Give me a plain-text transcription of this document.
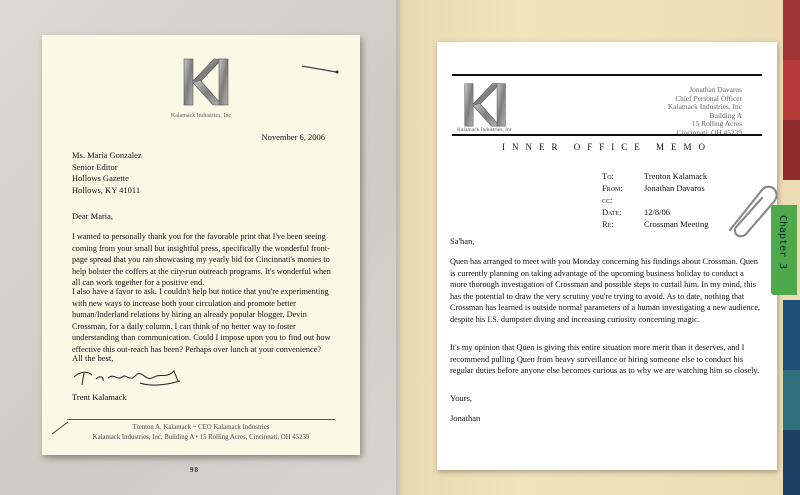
Kalamack Industries, Inc
November 6, 2006
Ms. Maria Gonzalez
Senior Editor
Hollows Gazette
Hollows, KY 41011
Dear Maria,
I wanted to personally thank you for the favorable print that I've been seeing coming from your small but insightful press, specifically the wonderful front-page spread that you ran showcasing my yearly bid for Cincinnati's monies to help bolster the coffers at the city-run outreach programs. It's wonderful when all can work together for a positive end.
I also have a favor to ask. I couldn't help but notice that you're experimenting with new ways to increase both your circulation and promote better human/Inderland relations by hiring an already popular blogger, Devin Crossman, for a daily column. I can think of no better way to foster understanding than communication. Could I impose upon you to find out how effective this out-reach has been? Perhaps over lunch at your convenience?
All the best,
Trent Kalamack
Trenton A. Kalamack ~ CEO Kalamack Industries
Kalamack Industries, Inc, Building A • 15 Rolling Acres, Cincinnati, OH 45239
98
Kalamack Industries, Inc
Jonathan Davaros
Chief Personal Officer
Kalamack Industries, Inc
Building A
15 Rolling Acres
Cincinnati, OH 45239
INNER OFFICE MEMO
To:	Trenton Kalamack
From: Jonathan Davaros
cc:
Date:	12/8/06
Re:	Crossman Meeting
Sa'han,
Quen has arranged to meet with you Monday concerning his findings about Crossman. Quen is currently planning on taking advantage of the upcoming business holiday to conduct a more thorough investigation of Crossman and possible steps to curtail him. In my mind, this has the potential to draw the very scrutiny you're trying to avoid. As to date, nothing that Crossman has learned is outside normal parameters of a human investigating a new audience, despite his I.S. dumpster diving and increasing curiosity concerning magic.
It's my opinion that Quen is giving this entire situation more merit than it deserves, and I recommend pulling Quen from heavy surveillance or hiring someone else to conduct his regular duties before anyone else becomes curious as to why we are watching him so closely.
Yours,
Jonathan
Chapter 3
